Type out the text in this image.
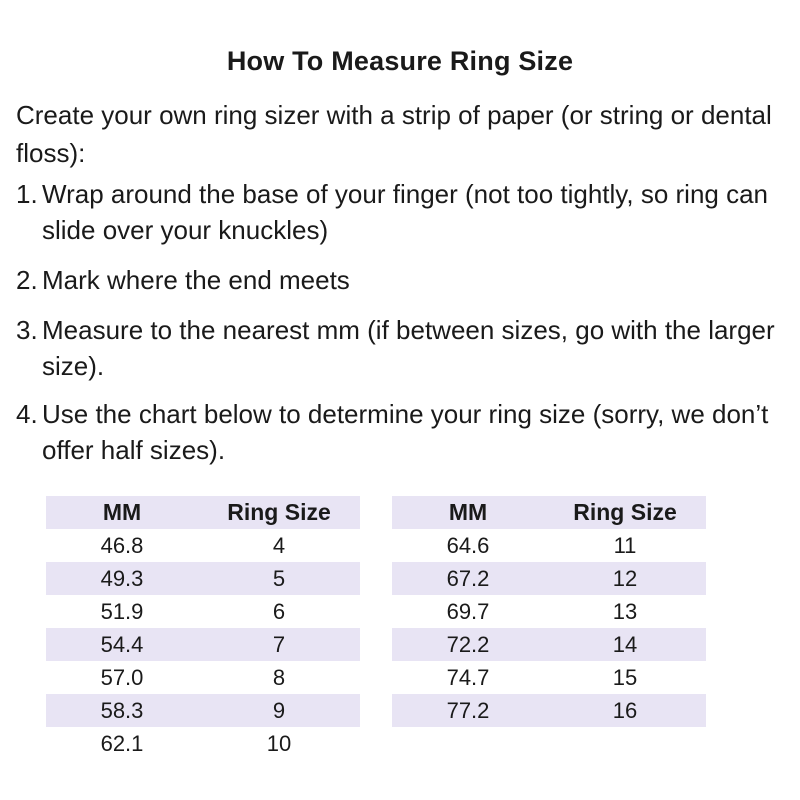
How To Measure Ring Size

Create your own ring sizer with a strip of paper (or string or dental floss):

1. Wrap around the base of your finger (not too tightly, so ring can slide over your knuckles)
2. Mark where the end meets
3. Measure to the nearest mm (if between sizes, go with the larger size).
4. Use the chart below to determine your ring size (sorry, we don’t offer half sizes).
MM	Ring Size
46.8	4
49.3	5
51.9	6
54.4	7
57.0	8
58.3	9
62.1	10
MM	Ring Size
64.6	11
67.2	12
69.7	13
72.2	14
74.7	15
77.2	16
